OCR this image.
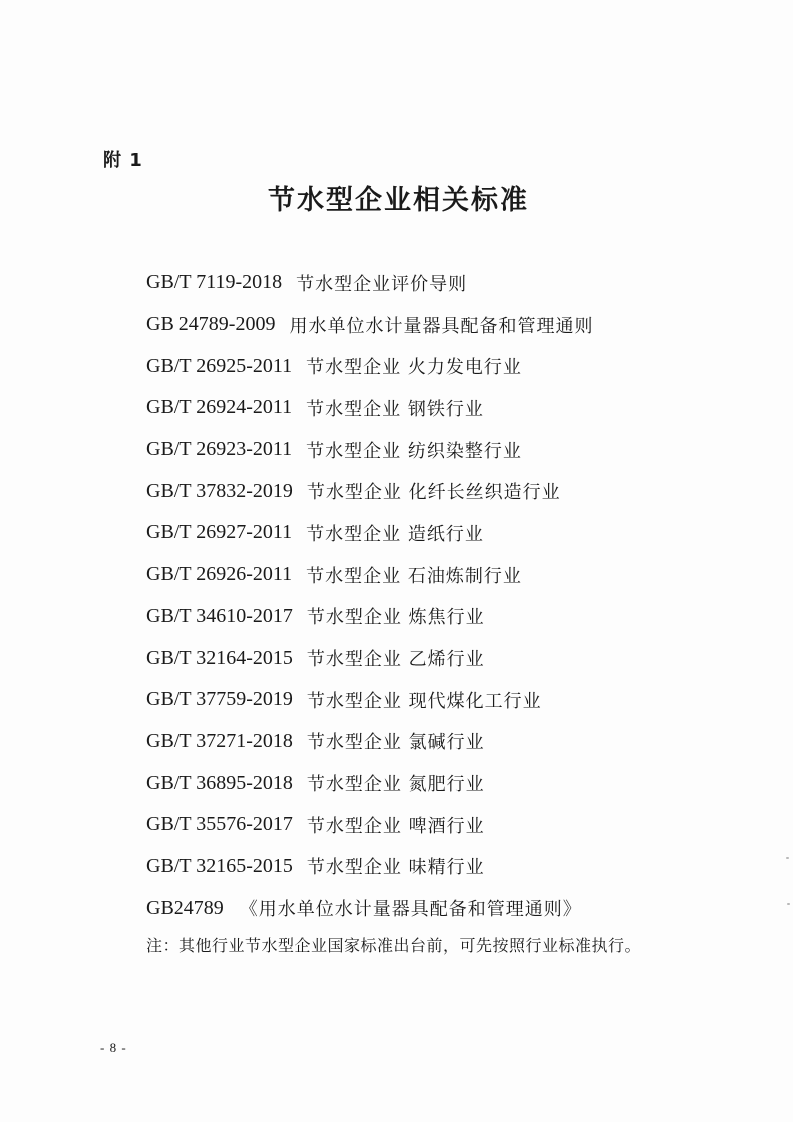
附 1
节水型企业相关标准
GB/T 7119-2018 节水型企业评价导则
GB 24789-2009 用水单位水计量器具配备和管理通则
GB/T 26925-2011 节水型企业 火力发电行业
GB/T 26924-2011 节水型企业 钢铁行业
GB/T 26923-2011 节水型企业 纺织染整行业
GB/T 37832-2019 节水型企业 化纤长丝织造行业
GB/T 26927-2011 节水型企业 造纸行业
GB/T 26926-2011 节水型企业 石油炼制行业
GB/T 34610-2017 节水型企业 炼焦行业
GB/T 32164-2015 节水型企业 乙烯行业
GB/T 37759-2019 节水型企业 现代煤化工行业
GB/T 37271-2018 节水型企业 氯碱行业
GB/T 36895-2018 节水型企业 氮肥行业
GB/T 35576-2017 节水型企业 啤酒行业
GB/T 32165-2015 节水型企业 味精行业
GB24789 《用水单位水计量器具配备和管理通则》
注：其他行业节水型企业国家标准出台前，可先按照行业标准执行。
- 8 -
